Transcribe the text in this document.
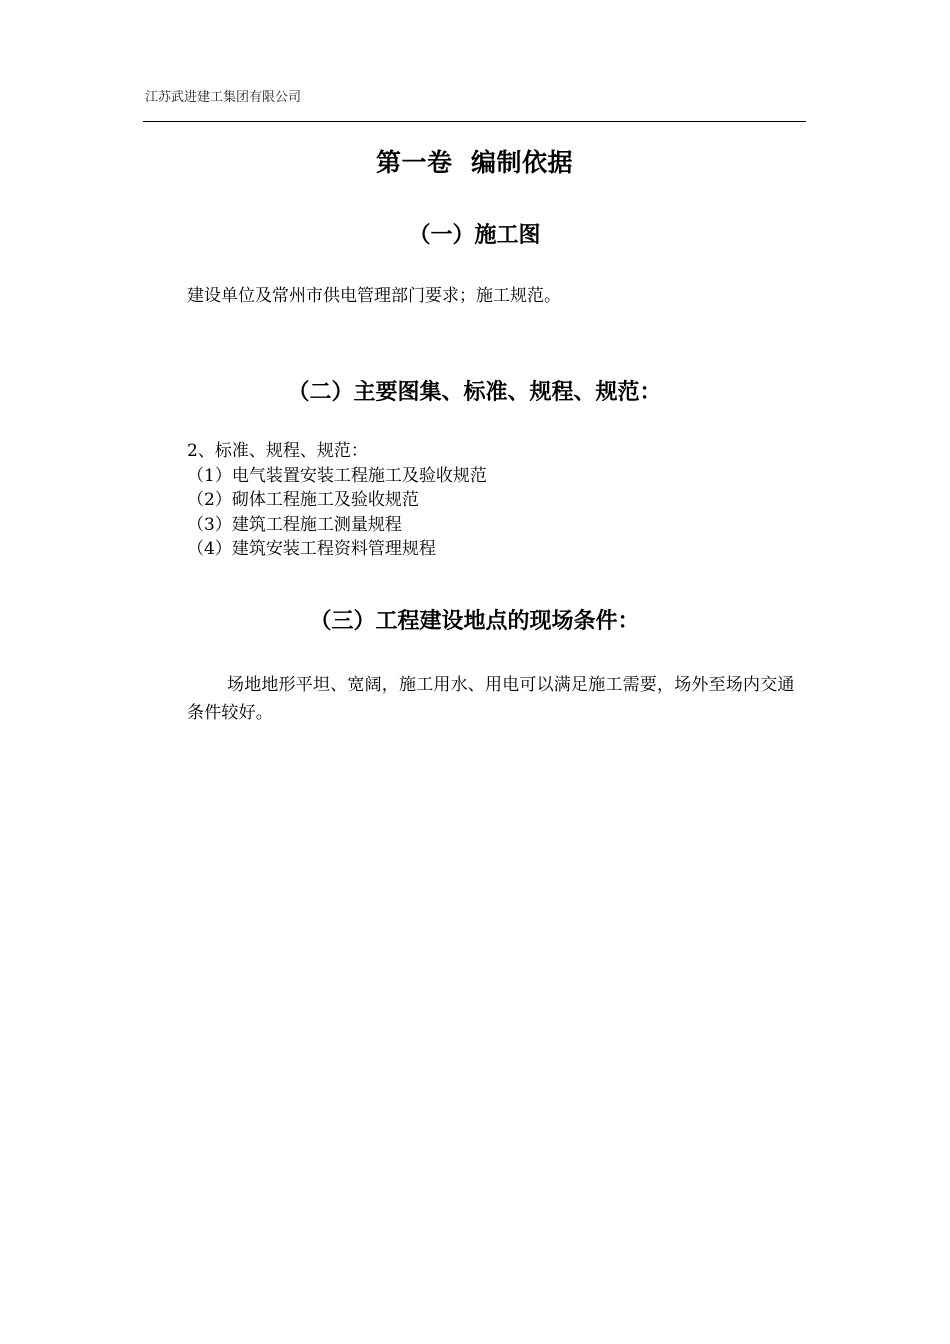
江苏武进建工集团有限公司
第一卷  编制依据
（一）施工图

建设单位及常州市供电管理部门要求；施工规范。

（二）主要图集、标准、规程、规范：
2、标准、规程、规范：
（1）电气装置安装工程施工及验收规范
（2）砌体工程施工及验收规范
（3）建筑工程施工测量规程
（4）建筑安装工程资料管理规程
（三）工程建设地点的现场条件：

场地地形平坦、宽阔，施工用水、用电可以满足施工需要，场外至场内交通条件较好。
